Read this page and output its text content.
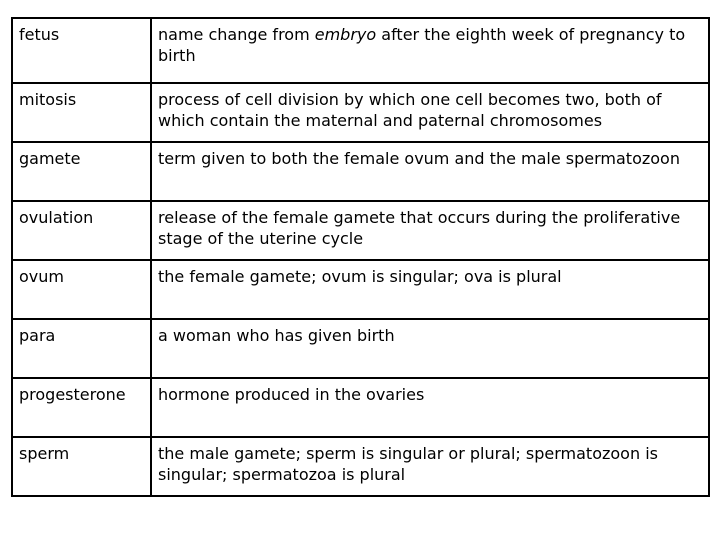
fetus	name change from embryo after the eighth week of pregnancy to birth
mitosis	process of cell division by which one cell becomes two, both of which contain the maternal and paternal chromosomes
gamete	term given to both the female ovum and the male spermatozoon
ovulation	release of the female gamete that occurs during the proliferative stage of the uterine cycle
ovum	the female gamete; ovum is singular; ova is plural
para	a woman who has given birth
progesterone	hormone produced in the ovaries
sperm	the male gamete; sperm is singular or plural; spermatozoon is singular; spermatozoa is plural
